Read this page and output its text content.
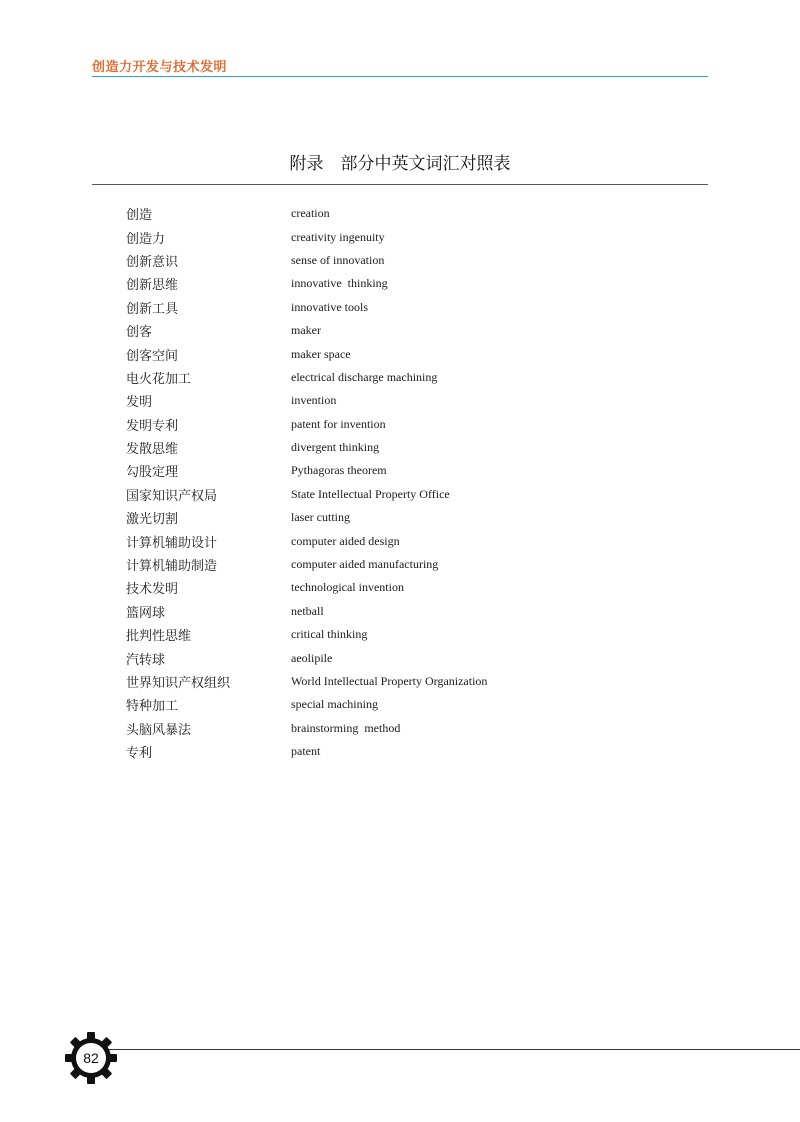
创造力开发与技术发明
附录　部分中英文词汇对照表
创造	creation
创造力	creativity ingenuity
创新意识	sense of innovation
创新思维	innovative  thinking
创新工具	innovative tools
创客	maker
创客空间	maker space
电火花加工	electrical discharge machining
发明	invention
发明专利	patent for invention
发散思维	divergent thinking
勾股定理	Pythagoras theorem
国家知识产权局	State Intellectual Property Office
激光切割	laser cutting
计算机辅助设计	computer aided design
计算机辅助制造	computer aided manufacturing
技术发明	technological invention
篮网球	netball
批判性思维	critical thinking
汽转球	aeolipile
世界知识产权组织	World Intellectual Property Organization
特种加工	special machining
头脑风暴法	brainstorming  method
专利	patent
82
